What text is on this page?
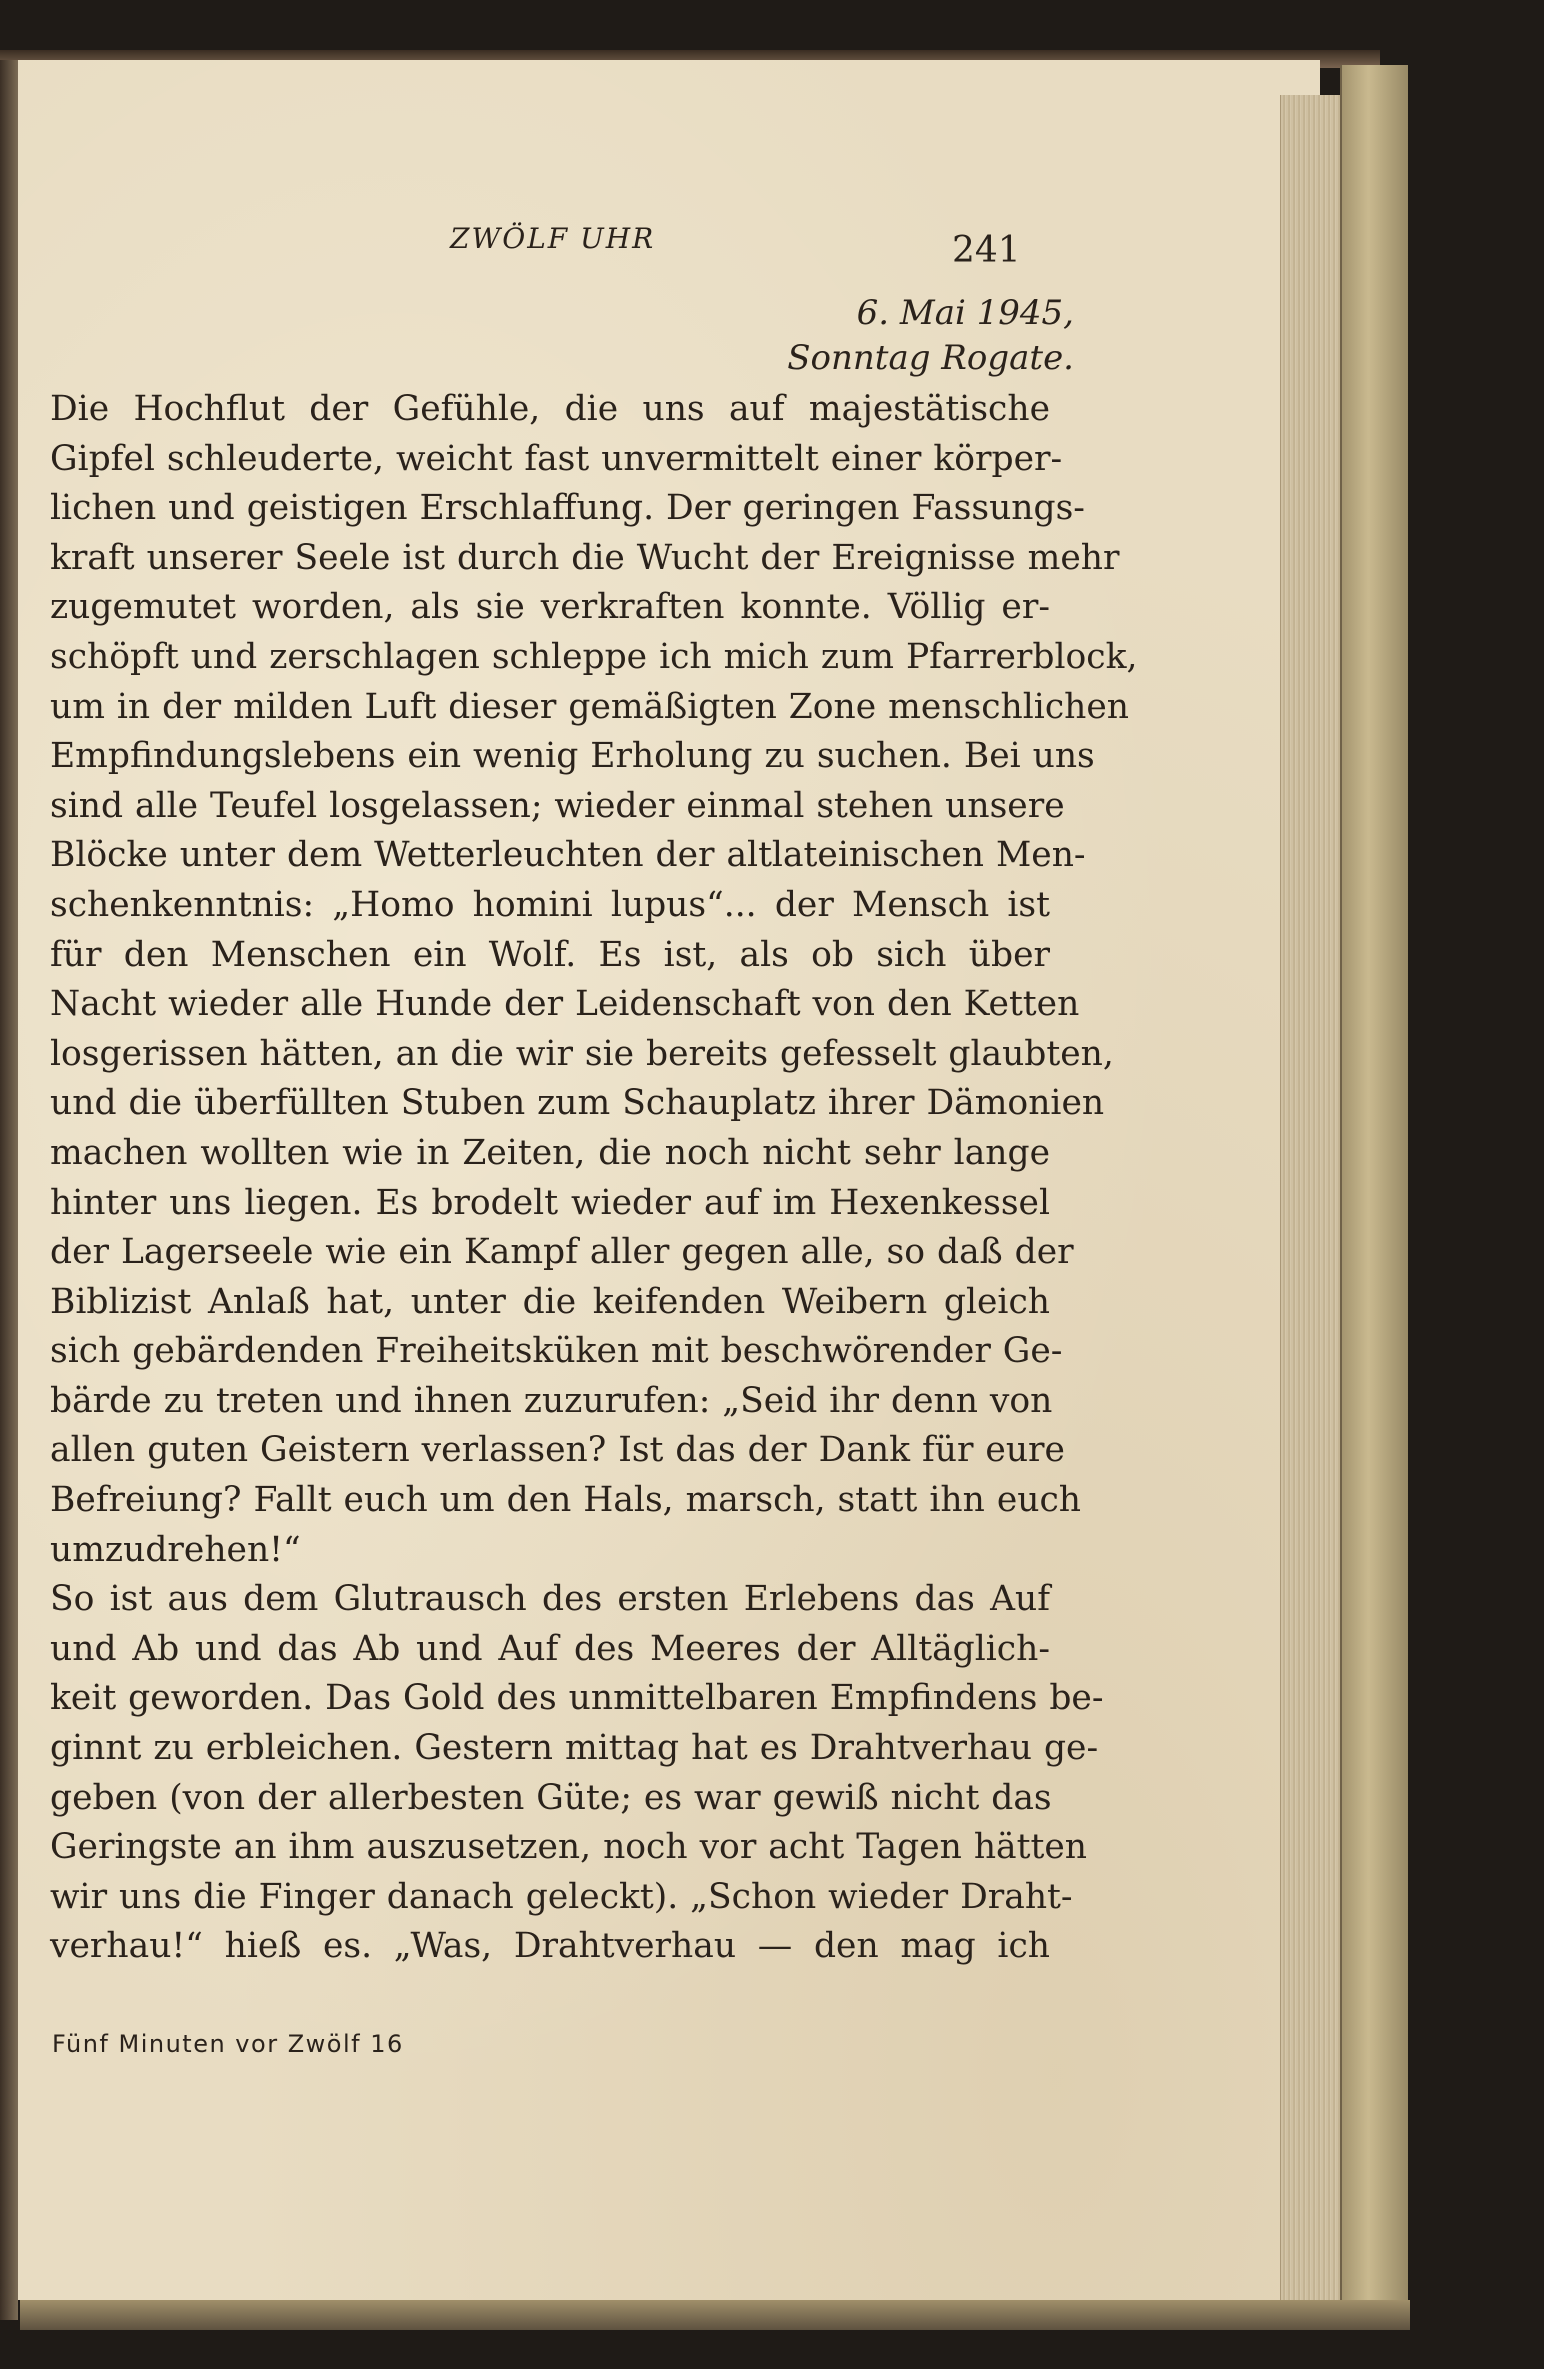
ZWÖLF UHR	241
6. Mai 1945,
Sonntag Rogate.
Die Hochflut der Gefühle, die uns auf majestätische
Gipfel schleuderte, weicht fast unvermittelt einer körper-
lichen und geistigen Erschlaffung. Der geringen Fassungs-
kraft unserer Seele ist durch die Wucht der Ereignisse mehr
zugemutet worden, als sie verkraften konnte. Völlig er-
schöpft und zerschlagen schleppe ich mich zum Pfarrerblock,
um in der milden Luft dieser gemäßigten Zone menschlichen
Empfindungslebens ein wenig Erholung zu suchen. Bei uns
sind alle Teufel losgelassen; wieder einmal stehen unsere
Blöcke unter dem Wetterleuchten der altlateinischen Men-
schenkenntnis: „Homo homini lupus“... der Mensch ist
für den Menschen ein Wolf. Es ist, als ob sich über
Nacht wieder alle Hunde der Leidenschaft von den Ketten
losgerissen hätten, an die wir sie bereits gefesselt glaubten,
und die überfüllten Stuben zum Schauplatz ihrer Dämonien
machen wollten wie in Zeiten, die noch nicht sehr lange
hinter uns liegen. Es brodelt wieder auf im Hexenkessel
der Lagerseele wie ein Kampf aller gegen alle, so daß der
Biblizist Anlaß hat, unter die keifenden Weibern gleich
sich gebärdenden Freiheitsküken mit beschwörender Ge-
bärde zu treten und ihnen zuzurufen: „Seid ihr denn von
allen guten Geistern verlassen? Ist das der Dank für eure
Befreiung? Fallt euch um den Hals, marsch, statt ihn euch
umzudrehen!“
So ist aus dem Glutrausch des ersten Erlebens das Auf
und Ab und das Ab und Auf des Meeres der Alltäglich-
keit geworden. Das Gold des unmittelbaren Empfindens be-
ginnt zu erbleichen. Gestern mittag hat es Drahtverhau ge-
geben (von der allerbesten Güte; es war gewiß nicht das
Geringste an ihm auszusetzen, noch vor acht Tagen hätten
wir uns die Finger danach geleckt). „Schon wieder Draht-
verhau!“ hieß es. „Was, Drahtverhau — den mag ich
Fünf Minuten vor Zwölf 16
